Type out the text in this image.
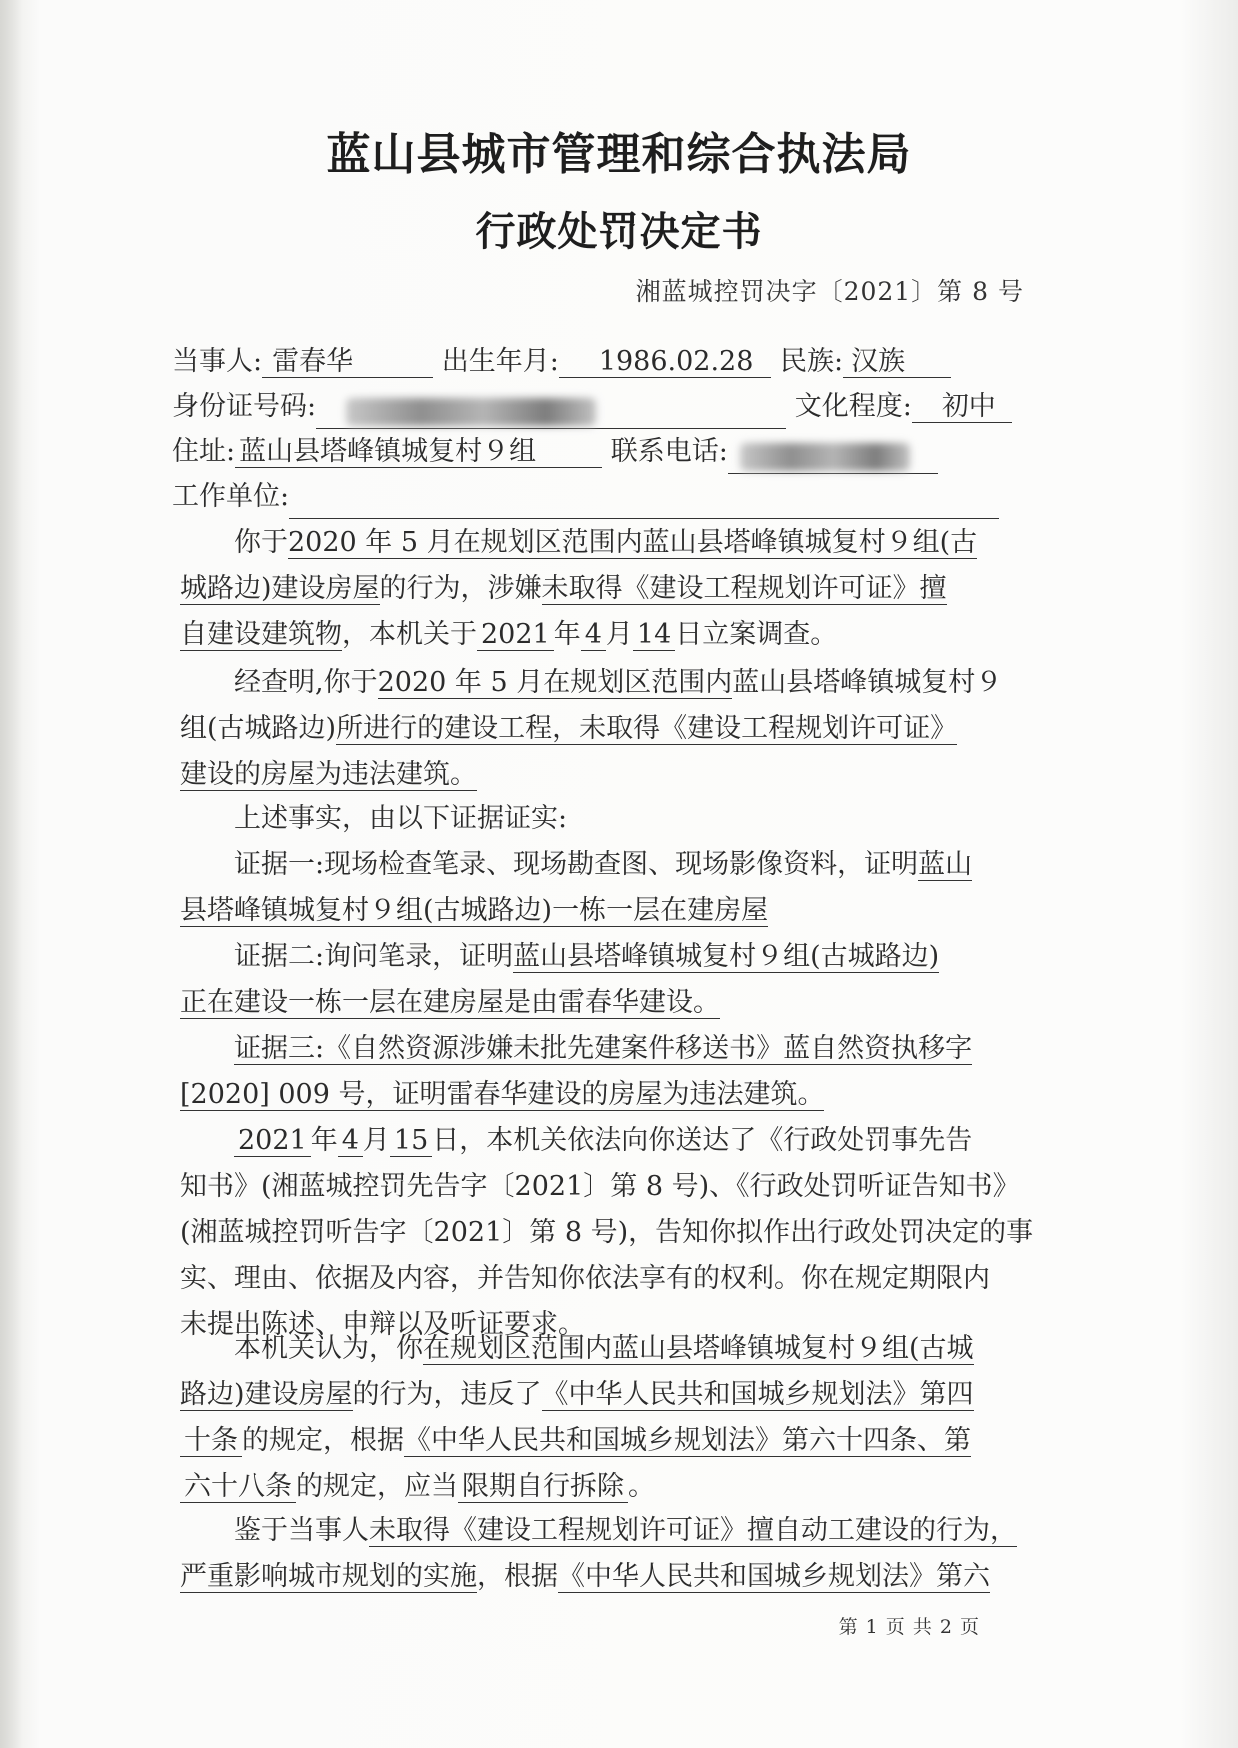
蓝山县城市管理和综合执法局
行政处罚决定书
湘蓝城控罚决字〔2021〕第 8 号
当事人: 雷春华	出生年月: 1986.02.28 民族: 汉族
身份证号码:	文化程度: 初中
住址: 蓝山县塔峰镇城复村９组	联系电话:
工作单位:
你于2020 年 5 月在规划区范围内蓝山县塔峰镇城复村９组(古
城路边)建设房屋的行为，涉嫌未取得《建设工程规划许可证》擅
自建设建筑物，本机关于 2021 年 4 月 14 日立案调查。
经查明,你于2020 年 5 月在规划区范围内蓝山县塔峰镇城复村９
组(古城路边)所进行的建设工程，未取得《建设工程规划许可证》
建设的房屋为违法建筑。
上述事实，由以下证据证实:
证据一:现场检查笔录、现场勘查图、现场影像资料，证明蓝山
县塔峰镇城复村９组(古城路边)一栋一层在建房屋
证据二:询问笔录，证明蓝山县塔峰镇城复村９组(古城路边)
正在建设一栋一层在建房屋是由雷春华建设。
证据三:《自然资源涉嫌未批先建案件移送书》蓝自然资执移字
[2020] 009 号，证明雷春华建设的房屋为违法建筑。
2021 年 4 月 15 日，本机关依法向你送达了《行政处罚事先告
知书》(湘蓝城控罚先告字〔2021〕第 8 号)、《行政处罚听证告知书》
(湘蓝城控罚听告字〔2021〕第 8 号)，告知你拟作出行政处罚决定的事
实、理由、依据及内容，并告知你依法享有的权利。你在规定期限内
未提出陈述、申辩以及听证要求。
本机关认为，你在规划区范围内蓝山县塔峰镇城复村９组(古城
路边)建设房屋的行为，违反了《中华人民共和国城乡规划法》第四
十条 的规定，根据《中华人民共和国城乡规划法》第六十四条、第
六十八条 的规定，应当 限期自行拆除 。
鉴于当事人未取得《建设工程规划许可证》擅自动工建设的行为，
严重影响城市规划的实施，根据《中华人民共和国城乡规划法》第六
第 1 页 共 2 页
